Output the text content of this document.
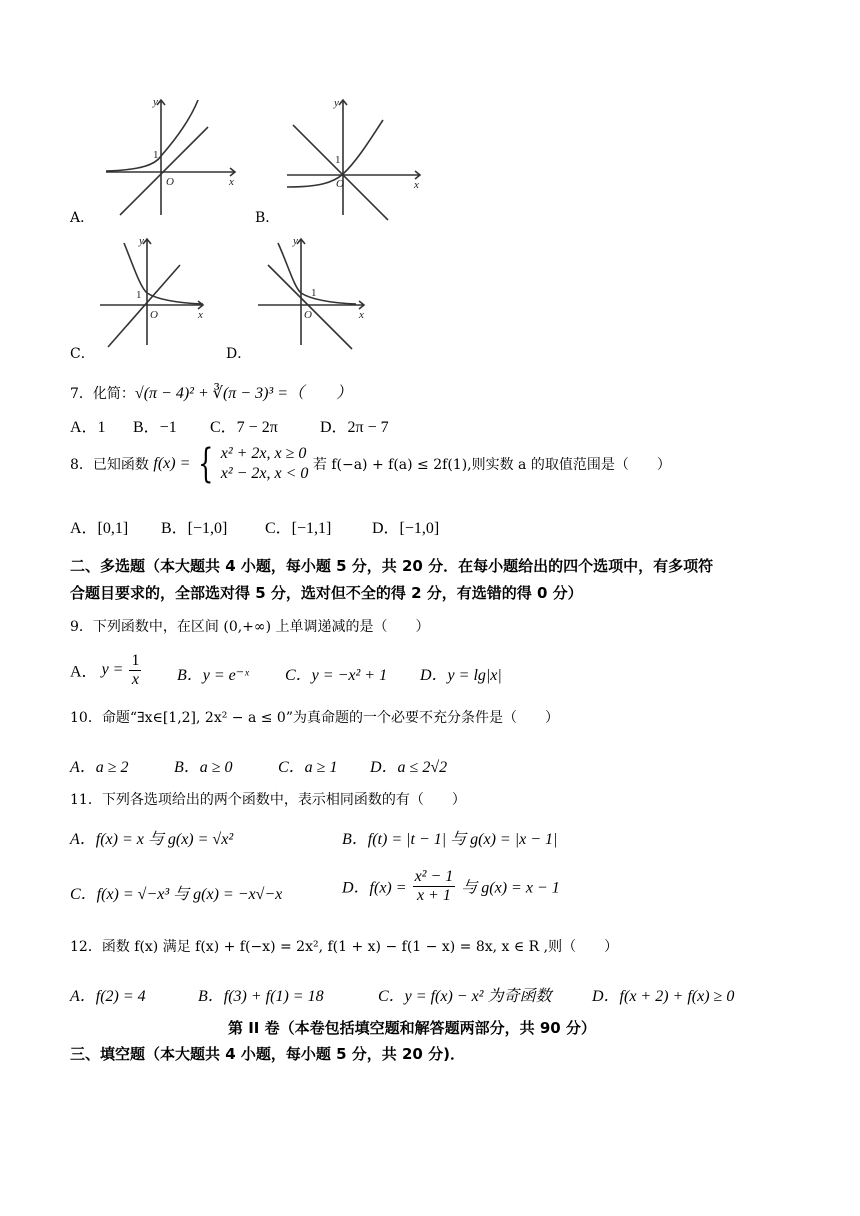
1
O	x
y
A．
1
O	x
y
B．
1
O	x
y
C．
1
O	x
y
D．
7．化简：√(π − 4)² + ∛(π − 3)³ =（　　）
A．1 B．−1 C．7 − 2π	D．2π − 7
8．已知函数 f(x) = { x² + 2x, x ≥ 0
x² − 2x, x < 0 若 f(−a) + f(a) ≤ 2f(1),则实数 a 的取值范围是（　　）
A．[0,1] B．[−1,0] C．[−1,1]	D．[−1,0]
二、多选题（本大题共 4 小题，每小题 5 分，共 20 分．在每小题给出的四个选项中，有多项符
合题目要求的，全部选对得 5 分，选对但不全的得 2 分，有选错的得 0 分）
9．下列函数中，在区间 (0,+∞) 上单调递减的是（　　）
A． $y = \frac{1}{x}$ B．y = e⁻ˣ C．y = −x² + 1 D．y = lg|x|
10．命题“∃x∈[1,2], 2x² − a ≤ 0”为真命题的一个必要不充分条件是（　　）
A．a ≥ 2	B．a ≥ 0	C．a ≥ 1 D．a ≤ 2√2
11．下列各选项给出的两个函数中，表示相同函数的有（　　）
A．f(x) = x 与 g(x) = √x²	B．f(t) = |t − 1| 与 g(x) = |x − 1|
C．f(x) = √−x³ 与 g(x) = −x√−x	D．$f(x) = \frac{\text{x² − 1}}{x + 1}$ 与 g(x) = x − 1
12．函数 f(x) 满足 f(x) + f(−x) = 2x², f(1 + x) − f(1 − x) = 8x, x ∈ R ,则（　　）
A．f(2) = 4	B．f(3) + f(1) = 18	C．y = f(x) − x² 为奇函数	D．f(x + 2) + f(x) ≥ 0
第 II 卷（本卷包括填空题和解答题两部分，共 90 分）
三、填空题（本大题共 4 小题，每小题 5 分，共 20 分)．
